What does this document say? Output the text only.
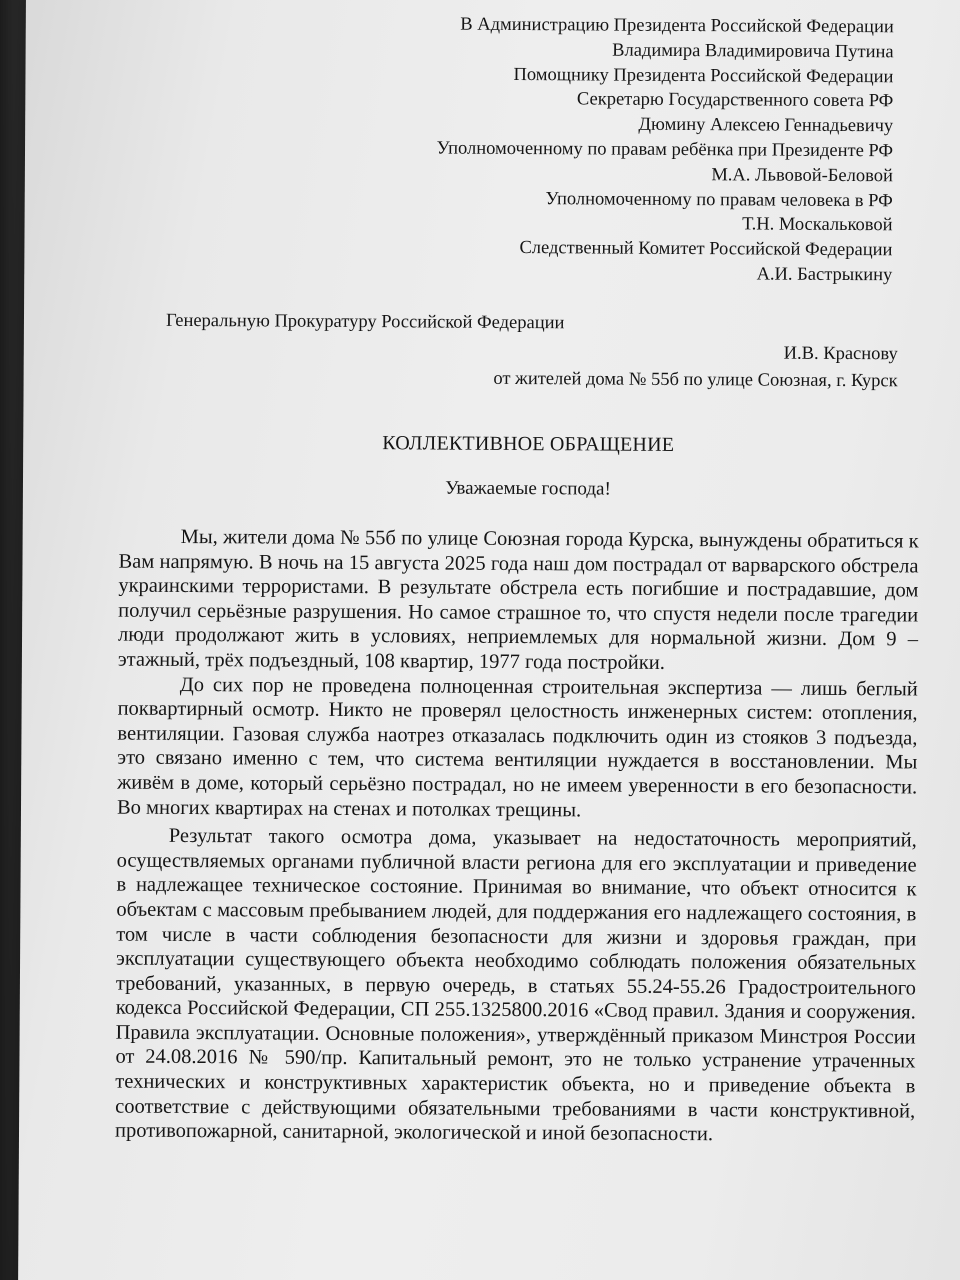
В Администрацию Президента Российской Федерации
Владимира Владимировича Путина
Помощнику Президента Российской Федерации
Секретарю Государственного совета РФ
Дюмину Алексею Геннадьевичу
Уполномоченному по правам ребёнка при Президенте РФ
М.А. Львовой-Беловой
Уполномоченному по правам человека в РФ
Т.Н. Москальковой
Следственный Комитет Российской Федерации
А.И. Бастрыкину
Генеральную Прокуратуру Российской Федерации
И.В. Краснову
от жителей дома № 55б по улице Союзная, г. Курск
КОЛЛЕКТИВНОЕ ОБРАЩЕНИЕ
Уважаемые господа!

Мы, жители дома № 55б по улице Союзная города Курска, вынуждены обратиться к Вам напрямую. В ночь на 15 августа 2025 года наш дом пострадал от варварского обстрела украинскими террористами. В результате обстрела есть погибшие и пострадавшие, дом получил серьёзные разрушения. Но самое страшное то, что спустя недели после трагедии люди продолжают жить в условиях, неприемлемых для нормальной жизни. Дом 9 – этажный, трёх подъездный, 108 квартир, 1977 года постройки.

До сих пор не проведена полноценная строительная экспертиза — лишь беглый поквартирный осмотр. Никто не проверял целостность инженерных систем: отопления, вентиляции. Газовая служба наотрез отказалась подключить один из стояков 3 подъезда, это связано именно с тем, что система вентиляции нуждается в восстановлении. Мы живём в доме, который серьёзно пострадал, но не имеем уверенности в его безопасности. Во многих квартирах на стенах и потолках трещины.

Результат такого осмотра дома, указывает на недостаточность мероприятий, осуществляемых органами публичной власти региона для его эксплуатации и приведение в надлежащее техническое состояние. Принимая во внимание, что объект относится к объектам с массовым пребыванием людей, для поддержания его надлежащего состояния, в том числе в части соблюдения безопасности для жизни и здоровья граждан, при эксплуатации существующего объекта необходимо соблюдать положения обязательных требований, указанных, в первую очередь, в статьях 55.24-55.26 Градостроительного кодекса Российской Федерации, СП 255.1325800.2016 «Свод правил. Здания и сооружения. Правила эксплуатации. Основные положения», утверждённый приказом Минстроя России от 24.08.2016 № 590/пр. Капитальный ремонт, это не только устранение утраченных технических и конструктивных характеристик объекта, но и приведение объекта в соответствие с действующими обязательными требованиями в части конструктивной, противопожарной, санитарной, экологической и иной безопасности.
